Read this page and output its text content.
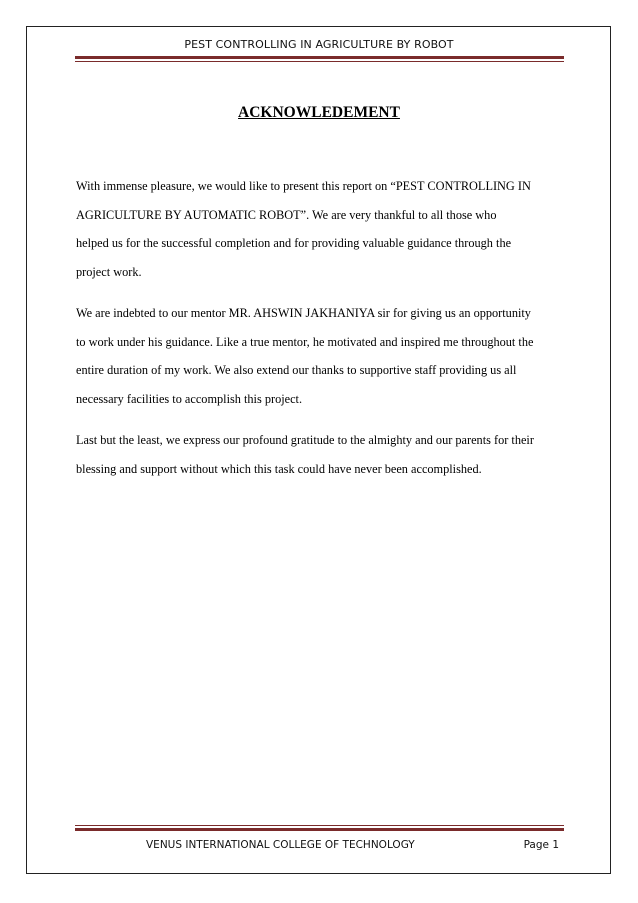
PEST CONTROLLING IN AGRICULTURE BY ROBOT
ACKNOWLEDEMENT

With immense pleasure, we would like to present this report on “PEST CONTROLLING IN
AGRICULTURE BY AUTOMATIC ROBOT”. We are very thankful to all those who
helped us for the successful completion and for providing valuable guidance through the
project work.

We are indebted to our mentor MR. AHSWIN JAKHANIYA sir for giving us an opportunity
to work under his guidance. Like a true mentor, he motivated and inspired me throughout the
entire duration of my work. We also extend our thanks to supportive staff providing us all
necessary facilities to accomplish this project.

Last but the least, we express our profound gratitude to the almighty and our parents for their
blessing and support without which this task could have never been accomplished.

VENUS INTERNATIONAL COLLEGE OF TECHNOLOGY	Page 1
